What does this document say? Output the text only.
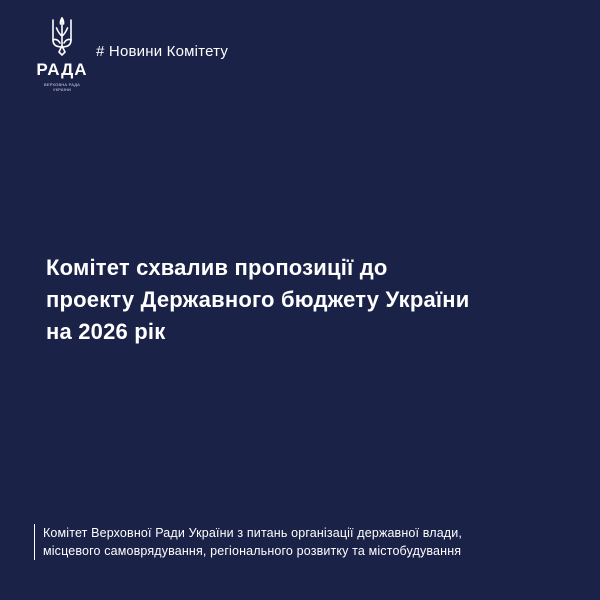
РАДА
ВЕРХОВНА РАДА
УКРАЇНИ
# Новини Комітету
Комітет схвалив пропозиції до
проекту Державного бюджету України
на 2026 рік
Комітет Верховної Ради України з питань організації державної влади,
місцевого самоврядування, регіонального розвитку та містобудування
